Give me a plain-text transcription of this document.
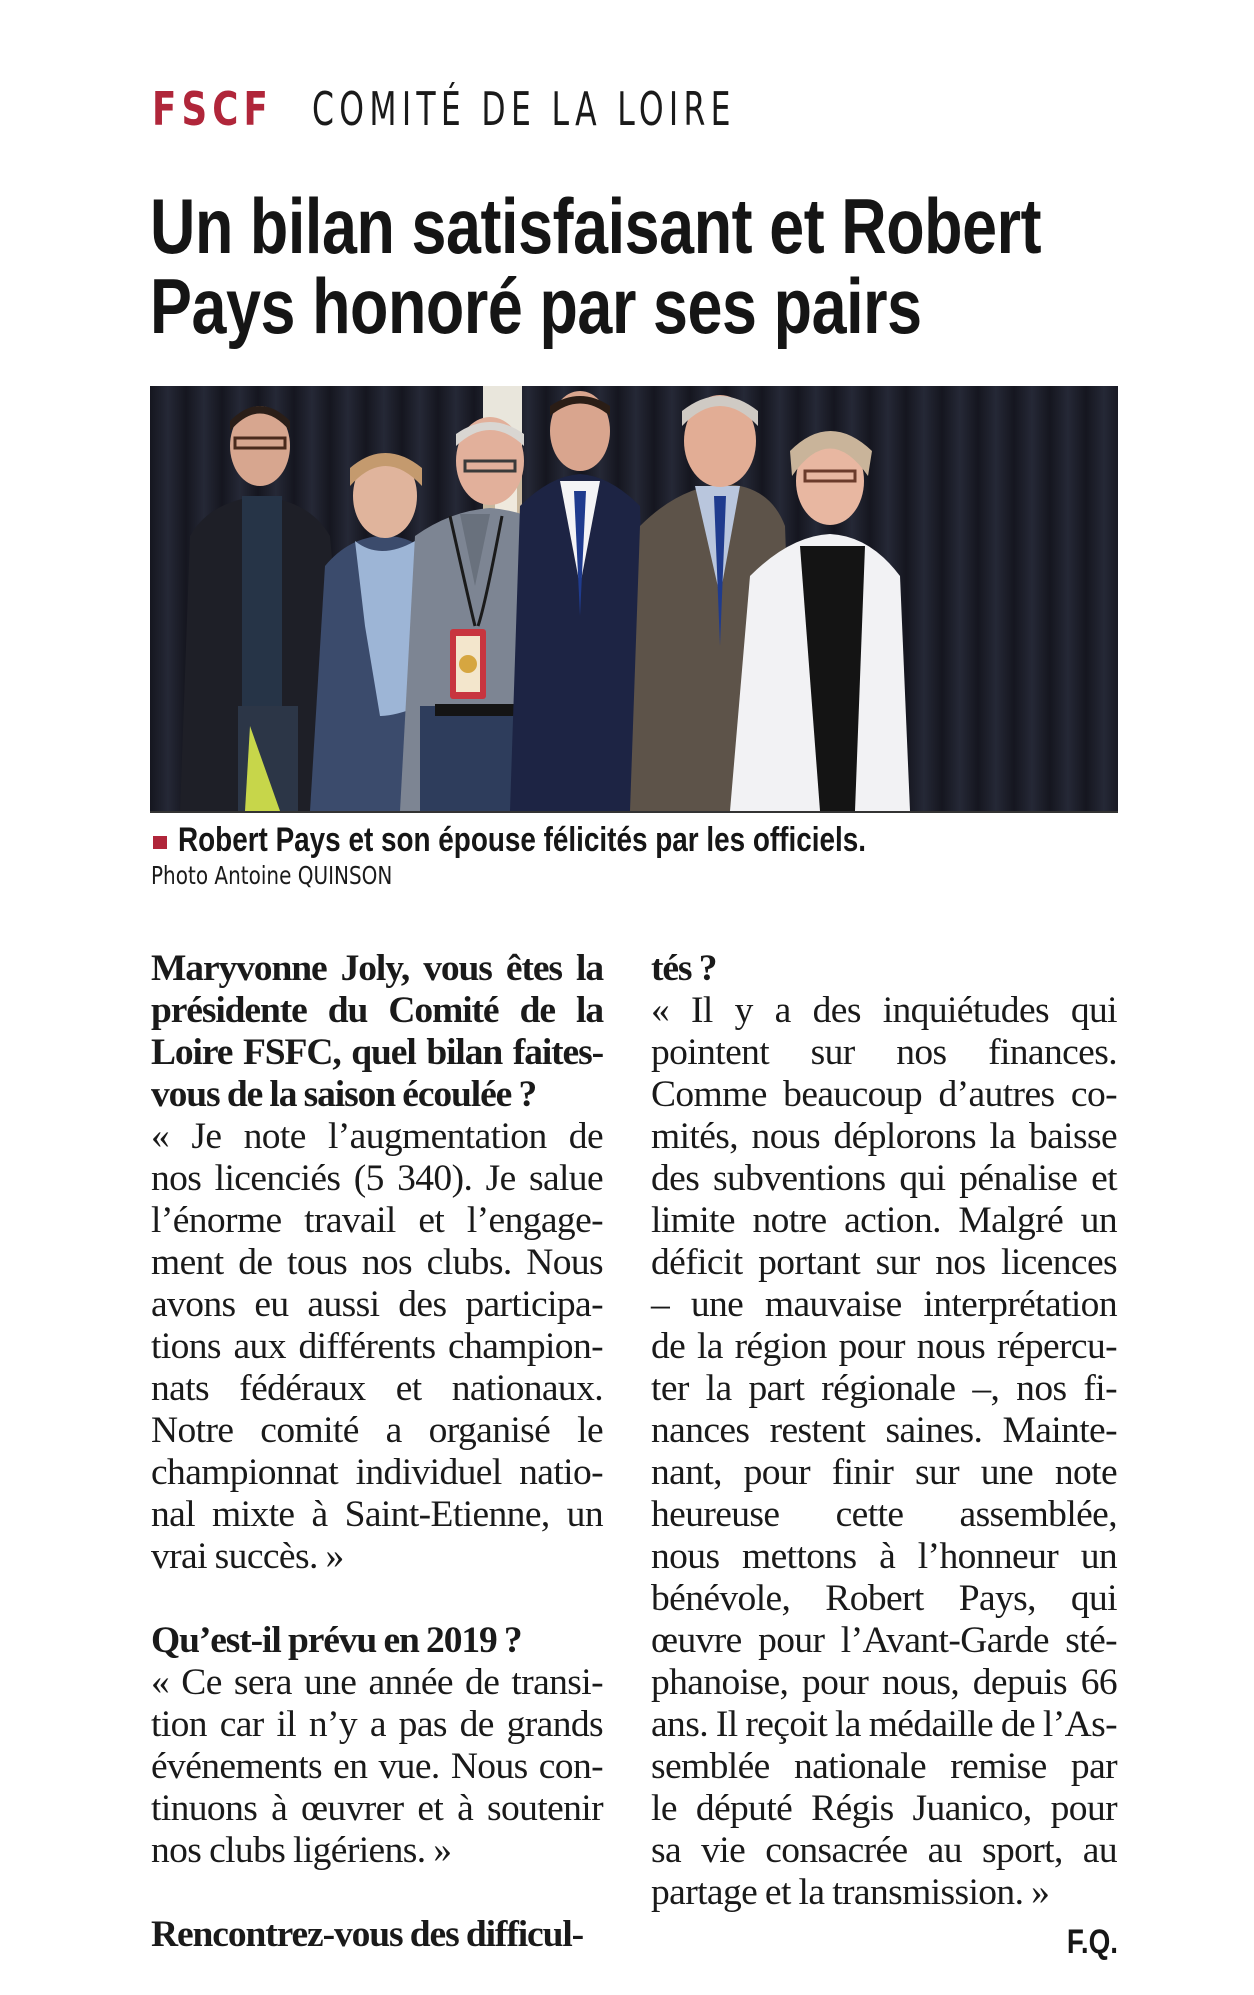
FSCF COMITÉ DE LA LOIRE
Un bilan satisfaisant et Robert
Pays honoré par ses pairs
Robert Pays et son épouse félicités par les officiels.
Photo Antoine QUINSON
Maryvonne Joly, vous êtes la
présidente du Comité de la
Loire FSFC, quel bilan faites-
vous de la saison écoulée ?
« Je note l’augmentation de
nos licenciés (5 340). Je salue
l’énorme travail et l’engage-
ment de tous nos clubs. Nous
avons eu aussi des participa-
tions aux différents champion-
nats fédéraux et nationaux.
Notre comité a organisé le
championnat individuel natio-
nal mixte à Saint-Etienne, un
vrai succès. »
Qu’est-il prévu en 2019 ?
« Ce sera une année de transi-
tion car il n’y a pas de grands
événements en vue. Nous con-
tinuons à œuvrer et à soutenir
nos clubs ligériens. »
Rencontrez-vous des difficul-
tés ?
« Il y a des inquiétudes qui
pointent sur nos finances.
Comme beaucoup d’autres co-
mités, nous déplorons la baisse
des subventions qui pénalise et
limite notre action. Malgré un
déficit portant sur nos licences
– une mauvaise interprétation
de la région pour nous répercu-
ter la part régionale –, nos fi-
nances restent saines. Mainte-
nant, pour finir sur une note
heureuse cette assemblée,
nous mettons à l’honneur un
bénévole, Robert Pays, qui
œuvre pour l’Avant-Garde sté-
phanoise, pour nous, depuis 66
ans. Il reçoit la médaille de l’As-
semblée nationale remise par
le député Régis Juanico, pour
sa vie consacrée au sport, au
partage et la transmission. »
F.Q.
